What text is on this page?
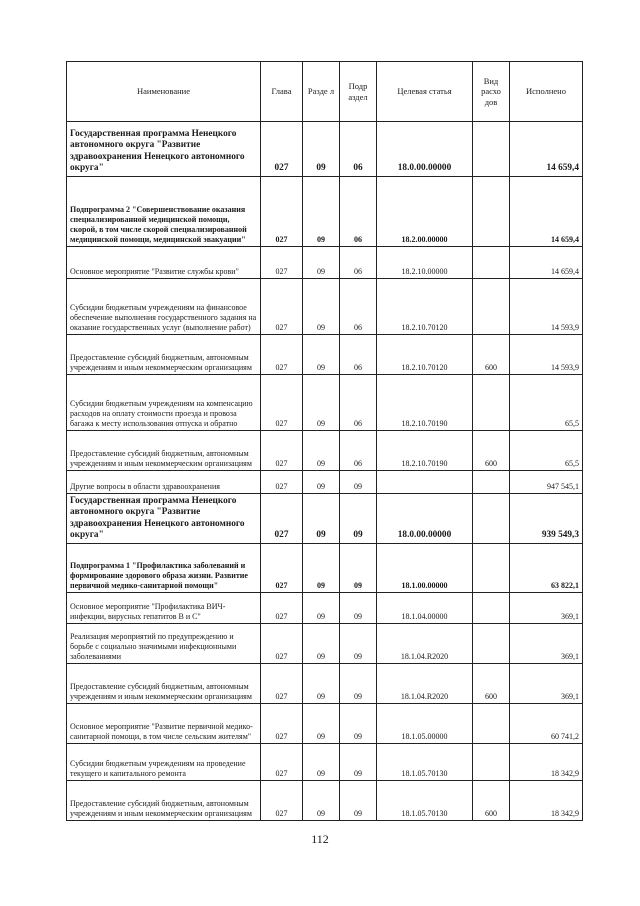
Наименование	Глава	Разде л	Подр аздел	Целевая статья	Вид расхо дов	Исполнено
Государственная программа Ненецкого автономного округа "Развитие здравоохранения Ненецкого автономного округа"	027	09	06	18.0.00.00000		14 659,4
Подпрограмма 2 "Совершенствование оказания специализированной медицинской помощи, скорой, в том числе скорой специализированной медицинской помощи, медицинской эвакуации"	027	09	06	18.2.00.00000		14 659,4
Основное мероприятие "Развитие службы крови"	027	09	06	18.2.10.00000		14 659,4
Субсидии бюджетным учреждениям на финансовое обеспечение выполнения государственного задания на оказание государственных услуг (выполнение работ)	027	09	06	18.2.10.70120		14 593,9
Предоставление субсидий бюджетным, автономным учреждениям и иным некоммерческим организациям	027	09	06	18.2.10.70120	600	14 593,9
Субсидии бюджетным учреждениям на компенсацию расходов на оплату стоимости проезда и провоза багажа к месту использования отпуска и обратно	027	09	06	18.2.10.70190		65,5
Предоставление субсидий бюджетным, автономным учреждениям и иным некоммерческим организациям	027	09	06	18.2.10.70190	600	65,5
Другие вопросы в области здравоохранения	027	09	09			947 545,1
Государственная программа Ненецкого автономного округа "Развитие здравоохранения Ненецкого автономного округа"	027	09	09	18.0.00.00000		939 549,3
Подпрограмма 1 "Профилактика заболеваний и формирование здорового образа жизни. Развитие первичной медико-санитарной помощи"	027	09	09	18.1.00.00000		63 822,1
Основное мероприятие "Профилактика ВИЧ-инфекции, вирусных гепатитов B и C"	027	09	09	18.1.04.00000		369,1
Реализация мероприятий по предупреждению и борьбе с социально значимыми инфекционными заболеваниями	027	09	09	18.1.04.R2020		369,1
Предоставление субсидий бюджетным, автономным учреждениям и иным некоммерческим организациям	027	09	09	18.1.04.R2020	600	369,1
Основное мероприятие "Развитие первичной медико-санитарной помощи, в том числе сельским жителям"	027	09	09	18.1.05.00000		60 741,2
Субсидии бюджетным учреждениям на проведение текущего и капитального ремонта	027	09	09	18.1.05.70130		18 342,9
Предоставление субсидий бюджетным, автономным учреждениям и иным некоммерческим организациям	027	09	09	18.1.05.70130	600	18 342,9
112
